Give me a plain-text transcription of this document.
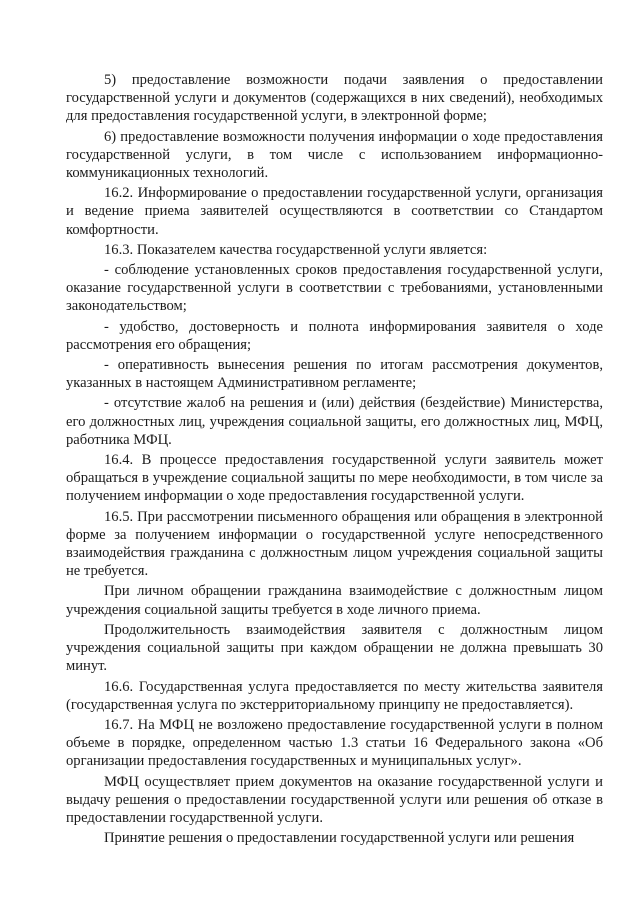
5) предоставление возможности подачи заявления о предоставлении государственной услуги и документов (содержащихся в них сведений), необходимых для предоставления государственной услуги, в электронной форме;

6) предоставление возможности получения информации о ходе предоставления государственной услуги, в том числе с использованием информационно-коммуникационных технологий.

16.2. Информирование о предоставлении государственной услуги, организация и ведение приема заявителей осуществляются в соответствии со Стандартом комфортности.

16.3. Показателем качества государственной услуги является:

- соблюдение установленных сроков предоставления государственной услуги, оказание государственной услуги в соответствии с требованиями, установленными законодательством;

- удобство, достоверность и полнота информирования заявителя о ходе рассмотрения его обращения;

- оперативность вынесения решения по итогам рассмотрения документов, указанных в настоящем Административном регламенте;

- отсутствие жалоб на решения и (или) действия (бездействие) Министерства, его должностных лиц, учреждения социальной защиты, его должностных лиц, МФЦ, работника МФЦ.

16.4. В процессе предоставления государственной услуги заявитель может обращаться в учреждение социальной защиты по мере необходимости, в том числе за получением информации о ходе предоставления государственной услуги.

16.5. При рассмотрении письменного обращения или обращения в электронной форме за получением информации о государственной услуге непосредственного взаимодействия гражданина с должностным лицом учреждения социальной защиты не требуется.

При личном обращении гражданина взаимодействие с должностным лицом учреждения социальной защиты требуется в ходе личного приема.

Продолжительность взаимодействия заявителя с должностным лицом учреждения социальной защиты при каждом обращении не должна превышать 30 минут.

16.6. Государственная услуга предоставляется по месту жительства заявителя (государственная услуга по экстерриториальному принципу не предоставляется).

16.7. На МФЦ не возложено предоставление государственной услуги в полном объеме в порядке, определенном частью 1.3 статьи 16 Федерального закона «Об организации предоставления государственных и муниципальных услуг».

МФЦ осуществляет прием документов на оказание государственной услуги и выдачу решения о предоставлении государственной услуги или решения об отказе в предоставлении государственной услуги.

Принятие решения о предоставлении государственной услуги или решения
